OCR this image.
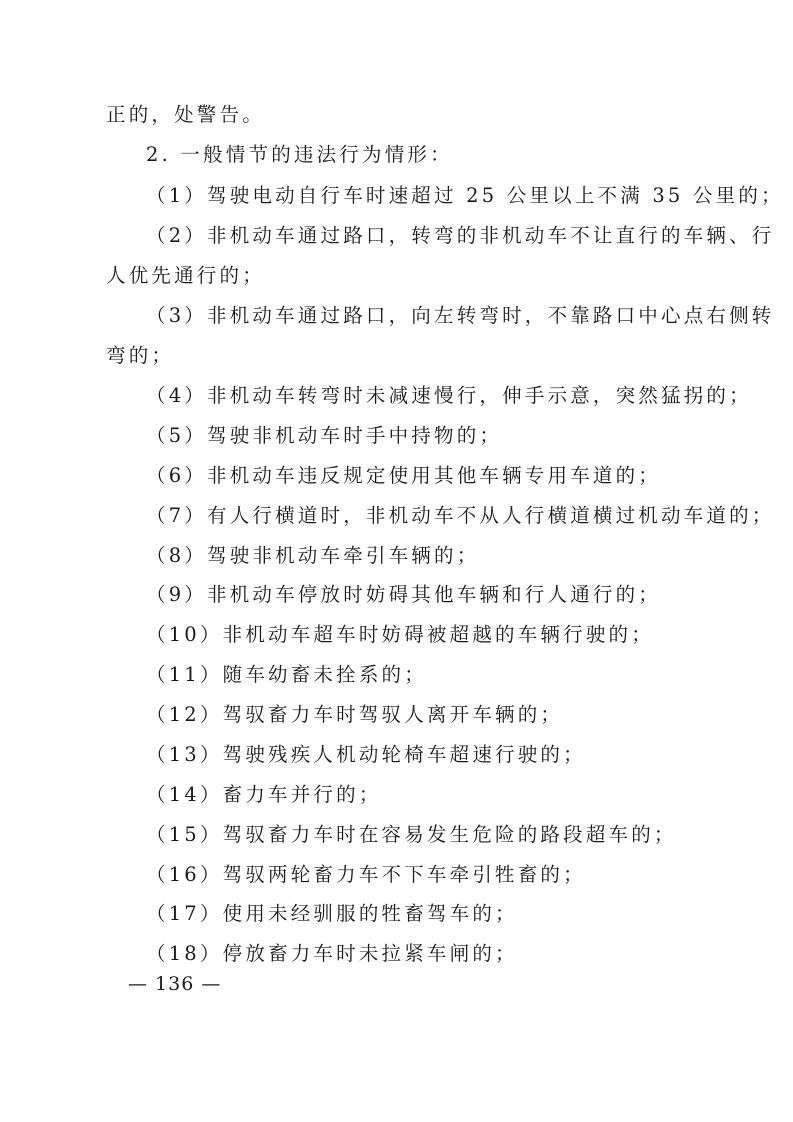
正的，处警告。
2. 一般情节的违法行为情形：
（1）驾驶电动自行车时速超过 25 公里以上不满 35 公里的；
（2）非机动车通过路口，转弯的非机动车不让直行的车辆、行
人优先通行的；
（3）非机动车通过路口，向左转弯时，不靠路口中心点右侧转
弯的；
（4）非机动车转弯时未减速慢行，伸手示意，突然猛拐的；
（5）驾驶非机动车时手中持物的；
（6）非机动车违反规定使用其他车辆专用车道的；
（7）有人行横道时，非机动车不从人行横道横过机动车道的；
（8）驾驶非机动车牵引车辆的；
（9）非机动车停放时妨碍其他车辆和行人通行的；
（10）非机动车超车时妨碍被超越的车辆行驶的；
（11）随车幼畜未拴系的；
（12）驾驭畜力车时驾驭人离开车辆的；
（13）驾驶残疾人机动轮椅车超速行驶的；
（14）畜力车并行的；
（15）驾驭畜力车时在容易发生危险的路段超车的；
（16）驾驭两轮畜力车不下车牵引牲畜的；
（17）使用未经驯服的牲畜驾车的；
（18）停放畜力车时未拉紧车闸的；
— 136 —
